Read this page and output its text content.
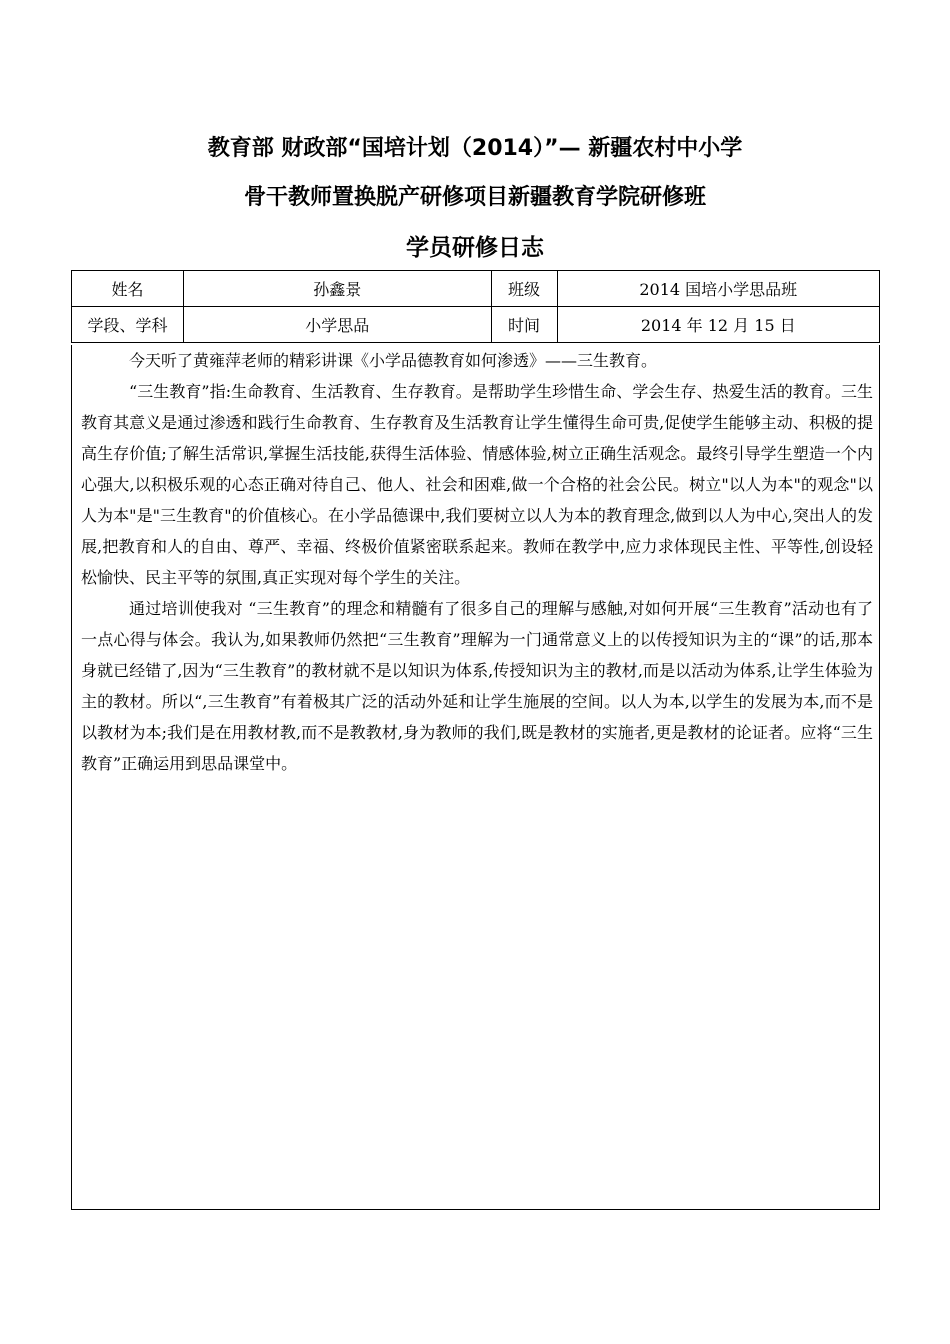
教育部 财政部“国培计划（2014）”— 新疆农村中小学
骨干教师置换脱产研修项目新疆教育学院研修班
学员研修日志
姓名	孙鑫景	班级	2014 国培小学思品班
学段、学科	小学思品	时间	2014 年 12 月 15 日

今天听了黄雍萍老师的精彩讲课《小学品德教育如何渗透》——三生教育。

“三生教育”指:生命教育、生活教育、生存教育。是帮助学生珍惜生命、学会生存、热爱生活的教育。三生教育其意义是通过渗透和践行生命教育、生存教育及生活教育让学生懂得生命可贵,促使学生能够主动、积极的提高生存价值;了解生活常识,掌握生活技能,获得生活体验、情感体验,树立正确生活观念。最终引导学生塑造一个内心强大,以积极乐观的心态正确对待自己、他人、社会和困难,做一个合格的社会公民。树立"以人为本"的观念"以人为本"是"三生教育"的价值核心。在小学品德课中,我们要树立以人为本的教育理念,做到以人为中心,突出人的发展,把教育和人的自由、尊严、幸福、终极价值紧密联系起来。教师在教学中,应力求体现民主性、平等性,创设轻松愉快、民主平等的氛围,真正实现对每个学生的关注。

通过培训使我对 “三生教育”的理念和精髓有了很多自己的理解与感触,对如何开展“三生教育”活动也有了一点心得与体会。我认为,如果教师仍然把“三生教育”理解为一门通常意义上的以传授知识为主的“课”的话,那本身就已经错了,因为“三生教育”的教材就不是以知识为体系,传授知识为主的教材,而是以活动为体系,让学生体验为主的教材。所以“,三生教育”有着极其广泛的活动外延和让学生施展的空间。以人为本,以学生的发展为本,而不是以教材为本;我们是在用教材教,而不是教教材,身为教师的我们,既是教材的实施者,更是教材的论证者。应将“三生教育”正确运用到思品课堂中。
